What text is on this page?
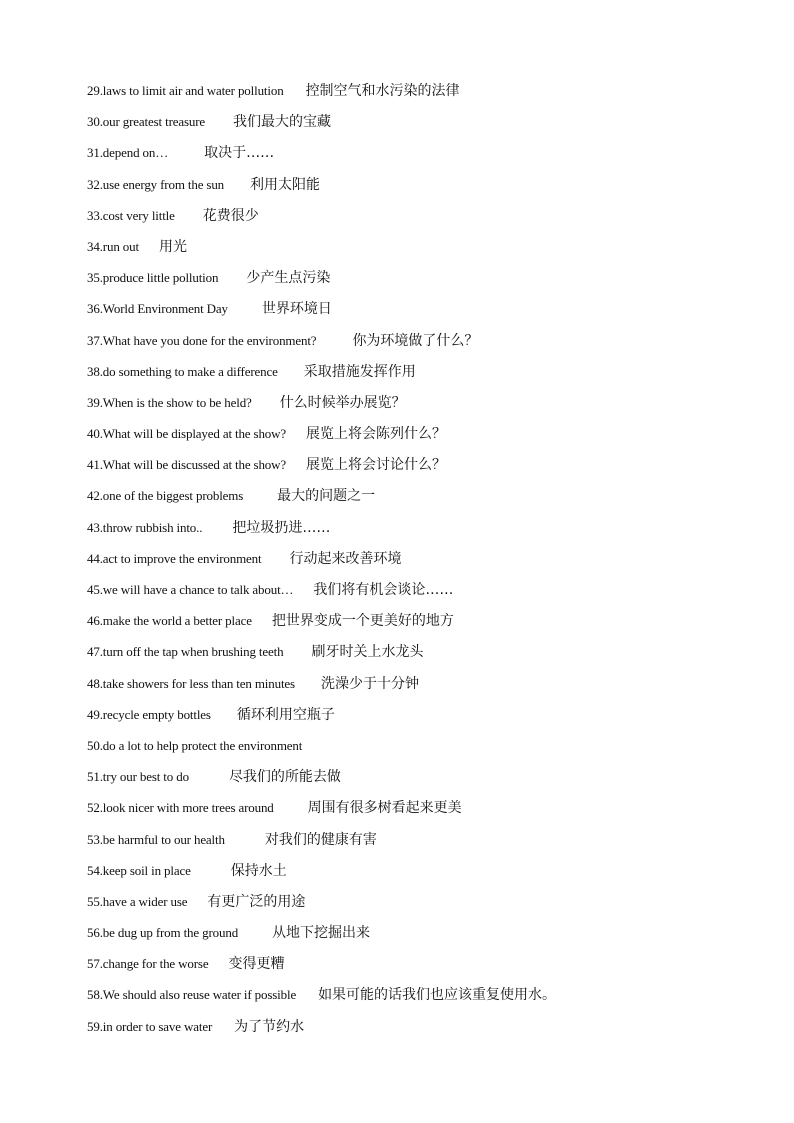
29.laws to limit air and water pollution 控制空气和水污染的法律
30.our greatest treasure 我们最大的宝藏
31.depend on…	取决于……
32.use energy from the sun 利用太阳能
33.cost very little 花费很少
34.run out 用光
35.produce little pollution 少产生点污染
36.World Environment Day 世界环境日
37.What have you done for the environment?	你为环境做了什么？
38.do something to make a difference 采取措施发挥作用
39.When is the show to be held? 什么时候举办展览？
40.What will be displayed at the show? 展览上将会陈列什么？
41.What will be discussed at the show? 展览上将会讨论什么？
42.one of the biggest problems 最大的问题之一
43.throw rubbish into.. 把垃圾扔进……
44.act to improve the environment 行动起来改善环境
45.we will have a chance to talk about… 我们将有机会谈论……
46.make the world a better place 把世界变成一个更美好的地方
47.turn off the tap when brushing teeth 刷牙时关上水龙头
48.take showers for less than ten minutes 洗澡少于十分钟
49.recycle empty bottles 循环利用空瓶子
50.do a lot to help protect the environment
51.try our best to do	尽我们的所能去做
52.look nicer with more trees around 周围有很多树看起来更美
53.be harmful to our health	对我们的健康有害
54.keep soil in place	保持水土
55.have a wider use 有更广泛的用途
56.be dug up from the ground 从地下挖掘出来
57.change for the worse 变得更糟
58.We should also reuse water if possible 如果可能的话我们也应该重复使用水。
59.in order to save water 为了节约水
